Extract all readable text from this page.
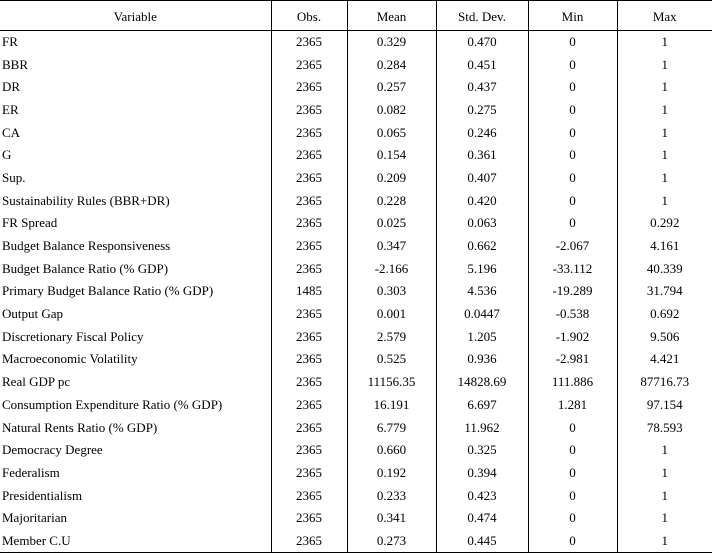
Variable	Obs.	Mean	Std. Dev.	Min	Max
FR	2365	0.329	0.470	0	1
BBR	2365	0.284	0.451	0	1
DR	2365	0.257	0.437	0	1
ER	2365	0.082	0.275	0	1
CA	2365	0.065	0.246	0	1
G	2365	0.154	0.361	0	1
Sup.	2365	0.209	0.407	0	1
Sustainability Rules (BBR+DR)	2365	0.228	0.420	0	1
FR Spread	2365	0.025	0.063	0	0.292
Budget Balance Responsiveness	2365	0.347	0.662	-2.067	4.161
Budget Balance Ratio (% GDP)	2365	-2.166	5.196	-33.112	40.339
Primary Budget Balance Ratio (% GDP)	1485	0.303	4.536	-19.289	31.794
Output Gap	2365	0.001	0.0447	-0.538	0.692
Discretionary Fiscal Policy	2365	2.579	1.205	-1.902	9.506
Macroeconomic Volatility	2365	0.525	0.936	-2.981	4.421
Real GDP pc	2365	11156.35	14828.69	111.886	87716.73
Consumption Expenditure Ratio (% GDP)	2365	16.191	6.697	1.281	97.154
Natural Rents Ratio (% GDP)	2365	6.779	11.962	0	78.593
Democracy Degree	2365	0.660	0.325	0	1
Federalism	2365	0.192	0.394	0	1
Presidentialism	2365	0.233	0.423	0	1
Majoritarian	2365	0.341	0.474	0	1
Member C.U	2365	0.273	0.445	0	1
